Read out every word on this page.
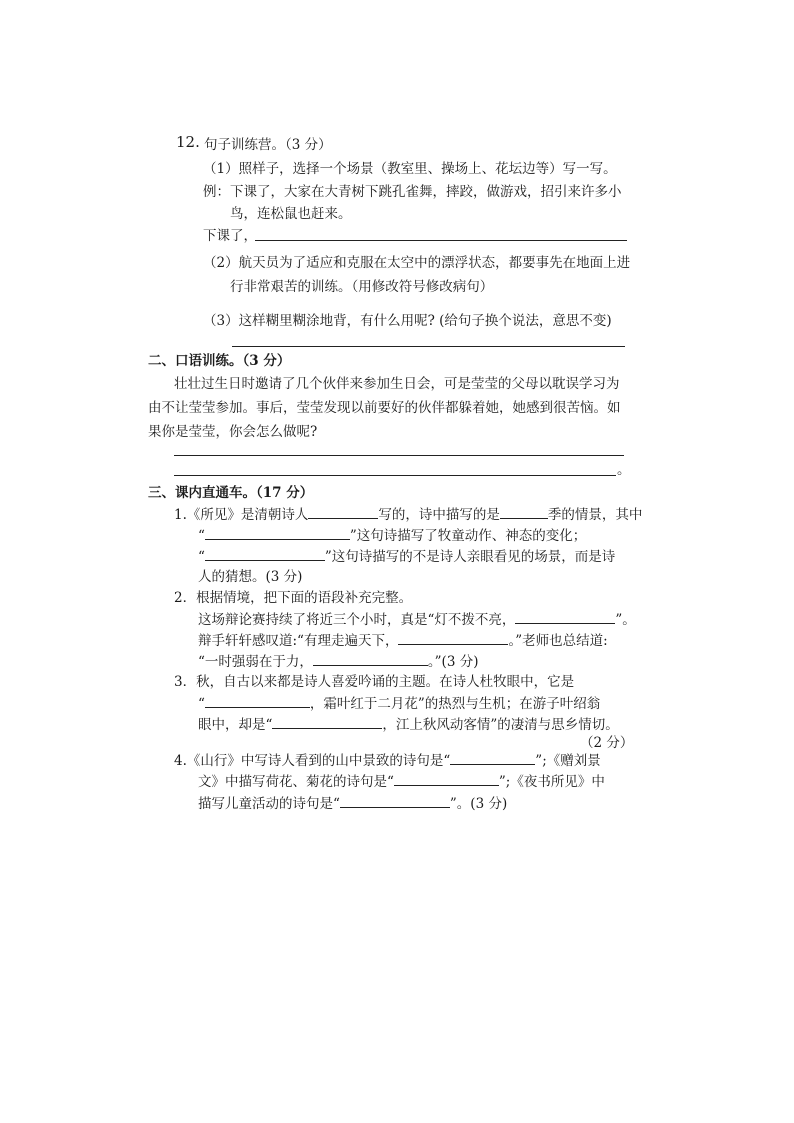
12. 句子训练营。（3 分）
（1）照样子，选择一个场景（教室里、操场上、花坛边等）写一写。
例：下课了，大家在大青树下跳孔雀舞，摔跤，做游戏，招引来许多小
鸟，连松鼠也赶来。
下课了，
（2）航天员为了适应和克服在太空中的漂浮状态，都要事先在地面上进
行非常艰苦的训练。（用修改符号修改病句）
（3）这样糊里糊涂地背，有什么用呢? (给句子换个说法，意思不变)
二、口语训练。（3 分）
壮壮过生日时邀请了几个伙伴来参加生日会，可是莹莹的父母以耽误学习为
由不让莹莹参加。事后，莹莹发现以前要好的伙伴都躲着她，她感到很苦恼。如
果你是莹莹，你会怎么做呢?
。
三、课内直通车。（17 分）
1.《所见》是清朝诗人	写的，诗中描写的是	季的情景，其中
“	”这句诗描写了牧童动作、神态的变化；
“	”这句诗描写的不是诗人亲眼看见的场景，而是诗
人的猜想。(3 分)
2．根据情境，把下面的语段补充完整。
这场辩论赛持续了将近三个小时，真是“灯不拨不亮，	”。
辩手轩轩感叹道:“有理走遍天下，	。”老师也总结道:
“一时强弱在于力，	。”(3 分)
3．秋，自古以来都是诗人喜爱吟诵的主题。在诗人杜牧眼中，它是
“	，霜叶红于二月花”的热烈与生机；在游子叶绍翁
眼中，却是“	，江上秋风动客情”的凄清与思乡情切。
（2 分）
4.《山行》中写诗人看到的山中景致的诗句是“	”;《赠刘景
文》中描写荷花、菊花的诗句是“	”;《夜书所见》中
描写儿童活动的诗句是“	”。(3 分)
